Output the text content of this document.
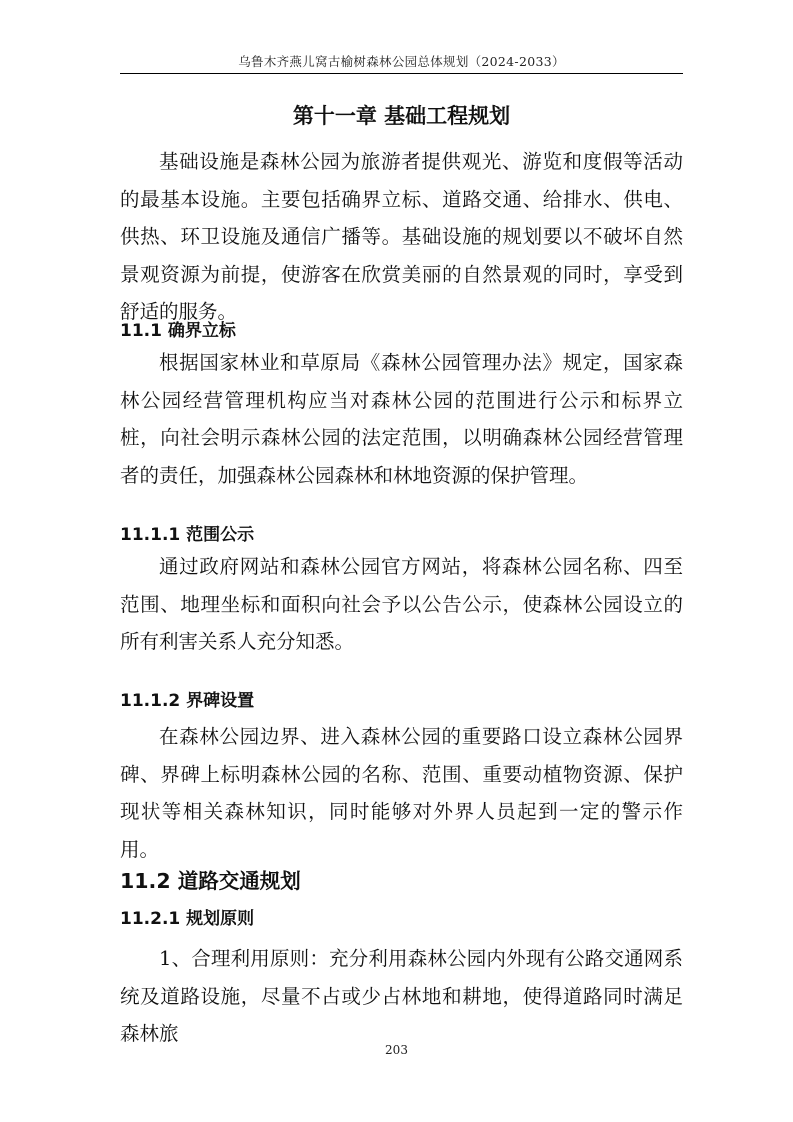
乌鲁木齐燕儿窝古榆树森林公园总体规划（2024-2033）
第十一章 基础工程规划

基础设施是森林公园为旅游者提供观光、游览和度假等活动的最基本设施。主要包括确界立标、道路交通、给排水、供电、供热、环卫设施及通信广播等。基础设施的规划要以不破坏自然景观资源为前提，使游客在欣赏美丽的自然景观的同时，享受到舒适的服务。

11.1 确界立标

根据国家林业和草原局《森林公园管理办法》规定，国家森林公园经营管理机构应当对森林公园的范围进行公示和标界立桩，向社会明示森林公园的法定范围，以明确森林公园经营管理者的责任，加强森林公园森林和林地资源的保护管理。

11.1.1 范围公示

通过政府网站和森林公园官方网站，将森林公园名称、四至范围、地理坐标和面积向社会予以公告公示，使森林公园设立的所有利害关系人充分知悉。

11.1.2 界碑设置

在森林公园边界、进入森林公园的重要路口设立森林公园界碑、界碑上标明森林公园的名称、范围、重要动植物资源、保护现状等相关森林知识，同时能够对外界人员起到一定的警示作用。

11.2 道路交通规划
11.2.1 规划原则

1、合理利用原则：充分利用森林公园内外现有公路交通网系统及道路设施，尽量不占或少占林地和耕地，使得道路同时满足森林旅

203
